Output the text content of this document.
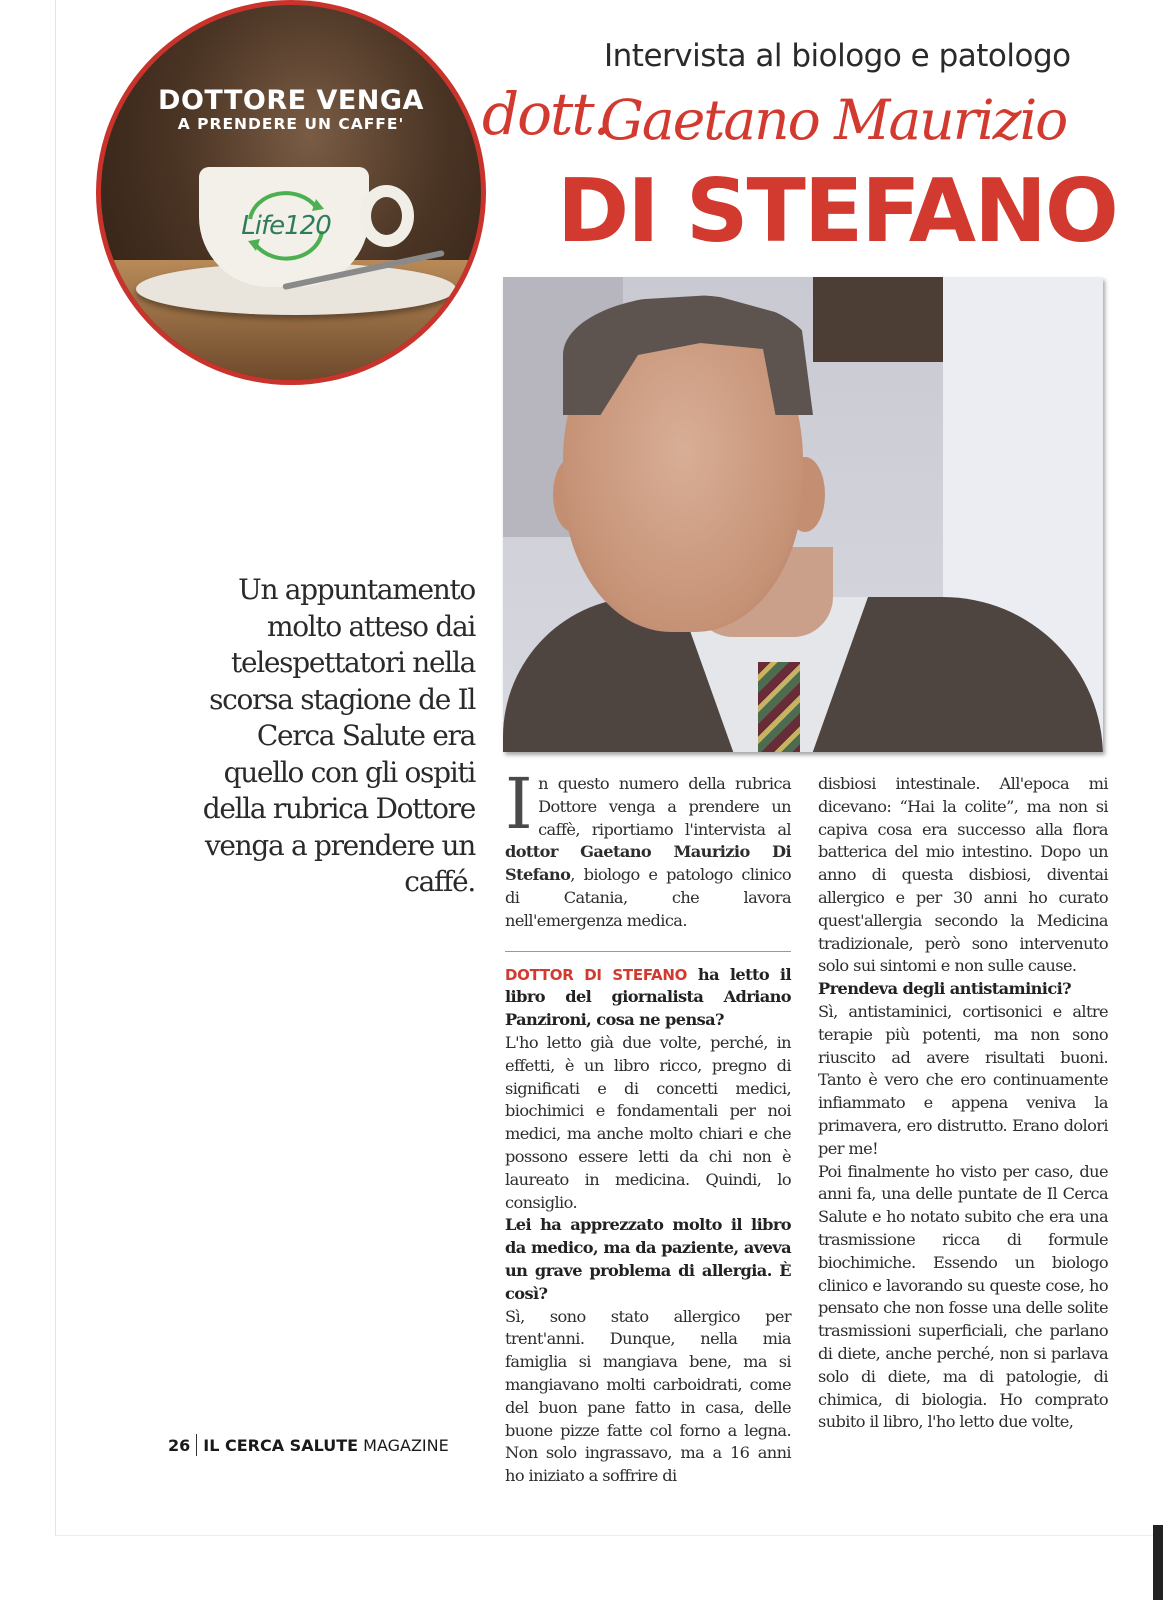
Life120
DOTTORE VENGA
A PRENDERE UN CAFFE'
Intervista al biologo e patologo
dott.
Gaetano Maurizio
DI STEFANO
Un appuntamento molto atteso dai telespettatori nella scorsa stagione de Il Cerca Salute era quello con gli ospiti della rubrica Dottore venga a prendere un caffé.

In questo numero della rubrica Dottore venga a prendere un caffè, riportiamo l'intervista al dottor Gaetano Maurizio Di Stefano, biologo e patologo clinico di Catania, che lavora nell'emergenza medica.

DOTTOR DI STEFANO ha letto il libro del giornalista Adriano Panzironi, cosa ne pensa?

L'ho letto già due volte, perché, in effetti, è un libro ricco, pregno di significati e di concetti medici, biochimici e fondamentali per noi medici, ma anche molto chiari e che possono essere letti da chi non è laureato in medicina. Quindi, lo consiglio.

Lei ha apprezzato molto il libro da medico, ma da paziente, aveva un grave problema di allergia. È così?

Sì, sono stato allergico per trent'anni. Dunque, nella mia famiglia si mangiava bene, ma si mangiavano molti carboidrati, come del buon pane fatto in casa, delle buone pizze fatte col forno a legna. Non solo ingrassavo, ma a 16 anni ho iniziato a soffrire di

disbiosi intestinale. All'epoca mi dicevano: “Hai la colite”, ma non si capiva cosa era successo alla flora batterica del mio intestino. Dopo un anno di questa disbiosi, diventai allergico e per 30 anni ho curato quest'allergia secondo la Medicina tradizionale, però sono intervenuto solo sui sintomi e non sulle cause.

Prendeva degli antistaminici?

Sì, antistaminici, cortisonici e altre terapie più potenti, ma non sono riuscito ad avere risultati buoni. Tanto è vero che ero continuamente infiammato e appena veniva la primavera, ero distrutto. Erano dolori per me!

Poi finalmente ho visto per caso, due anni fa, una delle puntate de Il Cerca Salute e ho notato subito che era una trasmissione ricca di formule biochimiche. Essendo un biologo clinico e lavorando su queste cose, ho pensato che non fosse una delle solite trasmissioni superficiali, che parlano di diete, anche perché, non si parlava solo di diete, ma di patologie, di chimica, di biologia. Ho comprato subito il libro, l'ho letto due volte,

26 IL CERCA SALUTE MAGAZINE
